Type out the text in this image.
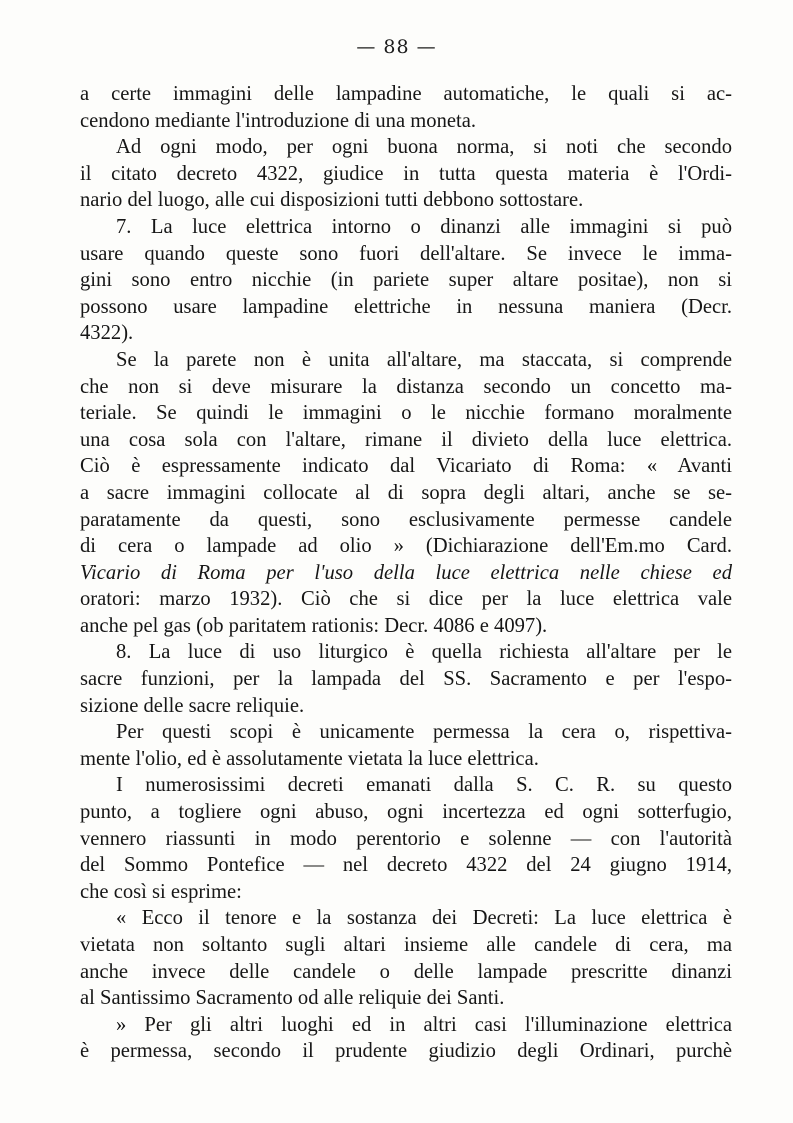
— 88 —
a certe immagini delle lampadine automatiche, le quali si ac-
cendono mediante l'introduzione di una moneta.
Ad ogni modo, per ogni buona norma, si noti che secondo
il citato decreto 4322, giudice in tutta questa materia è l'Ordi-
nario del luogo, alle cui disposizioni tutti debbono sottostare.
7. La luce elettrica intorno o dinanzi alle immagini si può
usare quando queste sono fuori dell'altare. Se invece le imma-
gini sono entro nicchie (in pariete super altare positae), non si
possono usare lampadine elettriche in nessuna maniera (Decr.
4322).
Se la parete non è unita all'altare, ma staccata, si comprende
che non si deve misurare la distanza secondo un concetto ma-
teriale. Se quindi le immagini o le nicchie formano moralmente
una cosa sola con l'altare, rimane il divieto della luce elettrica.
Ciò è espressamente indicato dal Vicariato di Roma: « Avanti
a sacre immagini collocate al di sopra degli altari, anche se se-
paratamente da questi, sono esclusivamente permesse candele
di cera o lampade ad olio » (Dichiarazione dell'Em.mo Card.
Vicario di Roma per l'uso della luce elettrica nelle chiese ed
oratori: marzo 1932). Ciò che si dice per la luce elettrica vale
anche pel gas (ob paritatem rationis: Decr. 4086 e 4097).
8. La luce di uso liturgico è quella richiesta all'altare per le
sacre funzioni, per la lampada del SS. Sacramento e per l'espo-
sizione delle sacre reliquie.
Per questi scopi è unicamente permessa la cera o, rispettiva-
mente l'olio, ed è assolutamente vietata la luce elettrica.
I numerosissimi decreti emanati dalla S. C. R. su questo
punto, a togliere ogni abuso, ogni incertezza ed ogni sotterfugio,
vennero riassunti in modo perentorio e solenne — con l'autorità
del Sommo Pontefice — nel decreto 4322 del 24 giugno 1914,
che così si esprime:
« Ecco il tenore e la sostanza dei Decreti: La luce elettrica è
vietata non soltanto sugli altari insieme alle candele di cera, ma
anche invece delle candele o delle lampade prescritte dinanzi
al Santissimo Sacramento od alle reliquie dei Santi.
» Per gli altri luoghi ed in altri casi l'illuminazione elettrica
è permessa, secondo il prudente giudizio degli Ordinari, purchè
